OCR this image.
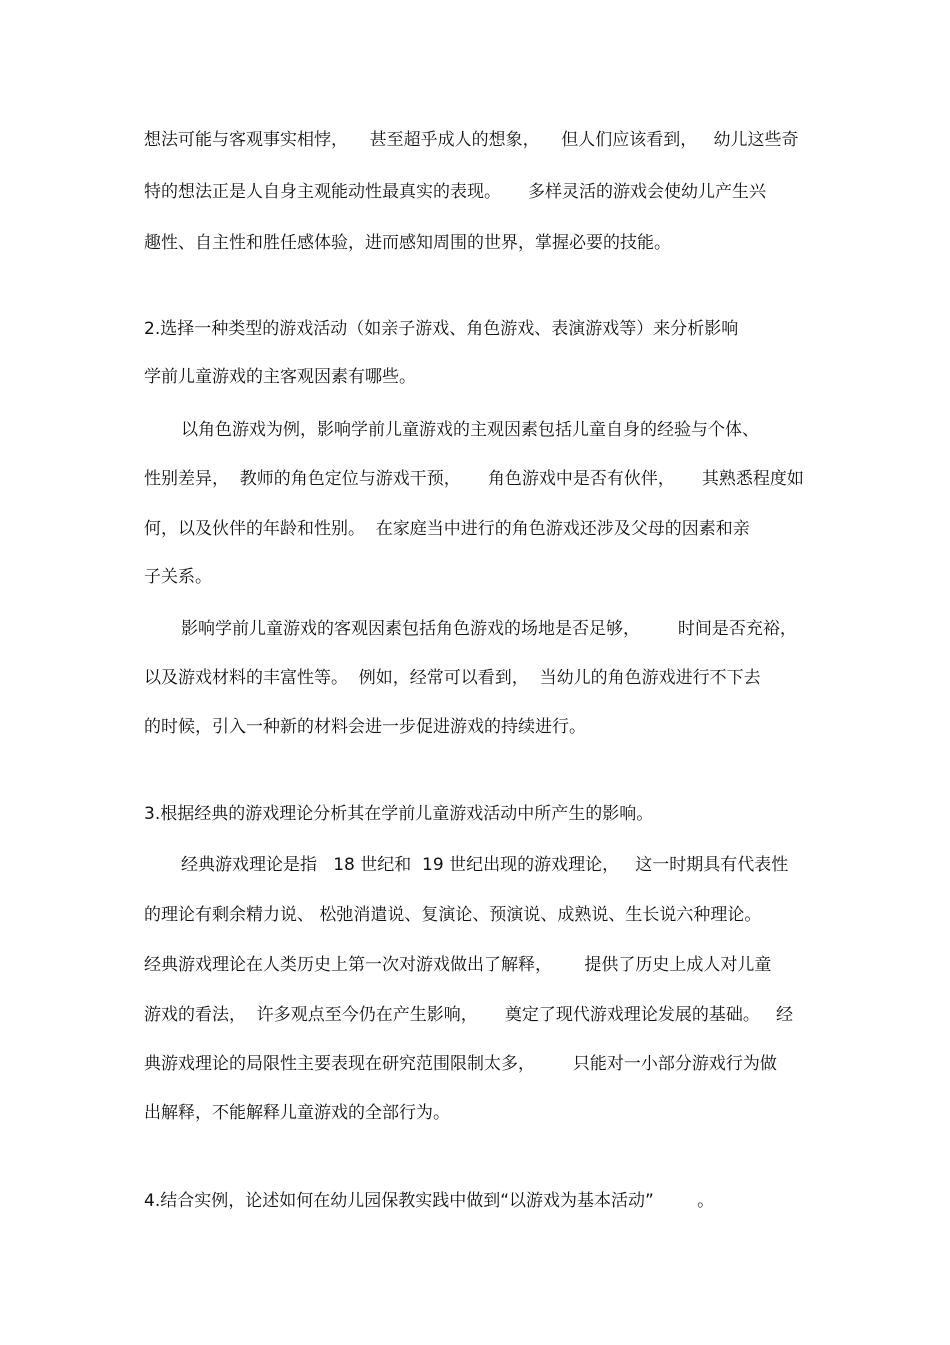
想法可能与客观事实相悖，    甚至超乎成人的想象，    但人们应该看到，   幼儿这些奇

特的想法正是人自身主观能动性最真实的表现。     多样灵活的游戏会使幼儿产生兴

趣性、自主性和胜任感体验，进而感知周围的世界，掌握必要的技能。

2.选择一种类型的游戏活动（如亲子游戏、角色游戏、表演游戏等）来分析影响

学前儿童游戏的主客观因素有哪些。

以角色游戏为例，影响学前儿童游戏的主观因素包括儿童自身的经验与个体、

性别差异，  教师的角色定位与游戏干预，     角色游戏中是否有伙伴，     其熟悉程度如

何，以及伙伴的年龄和性别。  在家庭当中进行的角色游戏还涉及父母的因素和亲

子关系。

影响学前儿童游戏的客观因素包括角色游戏的场地是否足够，       时间是否充裕，

以及游戏材料的丰富性等。  例如，经常可以看到，  当幼儿的角色游戏进行不下去

的时候，引入一种新的材料会进一步促进游戏的持续进行。

3.根据经典的游戏理论分析其在学前儿童游戏活动中所产生的影响。

经典游戏理论是指   18 世纪和  19 世纪出现的游戏理论，   这一时期具有代表性

的理论有剩余精力说、 松弛消遣说、复演论、预演说、成熟说、生长说六种理论。

经典游戏理论在人类历史上第一次对游戏做出了解释，      提供了历史上成人对儿童

游戏的看法，  许多观点至今仍在产生影响，     奠定了现代游戏理论发展的基础。   经

典游戏理论的局限性主要表现在研究范围限制太多，       只能对一小部分游戏行为做

出解释，不能解释儿童游戏的全部行为。

4.结合实例，论述如何在幼儿园保教实践中做到“以游戏为基本活动”        。
